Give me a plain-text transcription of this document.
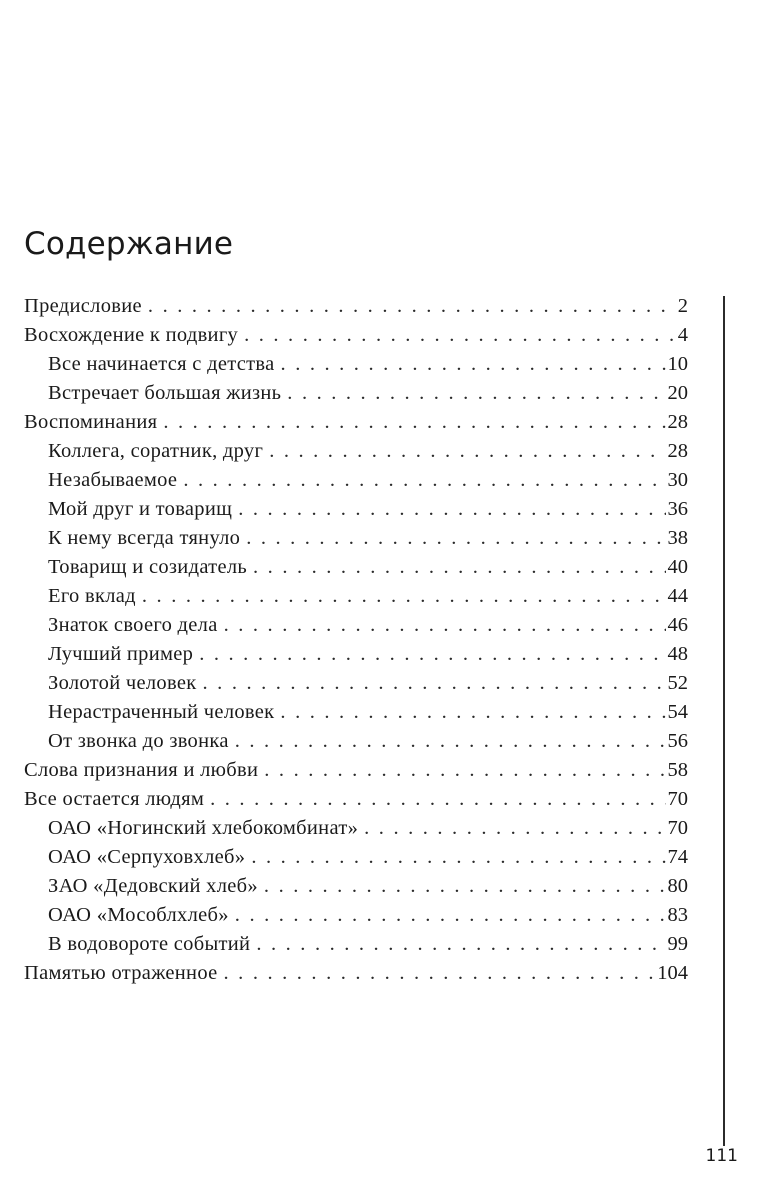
Содержание
Предисловие . . .	2
Восхождение к подвигу . . .	4
Все начинается с детства . . .	10
Встречает большая жизнь . . .	20
Воспоминания . . .	28
Коллега, соратник, друг . . .	28
Незабываемое . . .	30
Мой друг и товарищ . . .	36
К нему всегда тянуло . . .	38
Товарищ и созидатель . . .	40
Его вклад . . .	44
Знаток своего дела . . .	46
Лучший пример . . .	48
Золотой человек . . .	52
Нерастраченный человек . . .	54
От звонка до звонка . . .	56
Слова признания и любви . . .	58
Все остается людям . . .	70
ОАО «Ногинский хлебокомбинат» . . .	70
ОАО «Серпуховхлеб» . . .	74
ЗАО «Дедовский хлеб» . . .	80
ОАО «Мособлхлеб» . . .	83
В водовороте событий . . .	99
Памятью отраженное . . .	104
111
